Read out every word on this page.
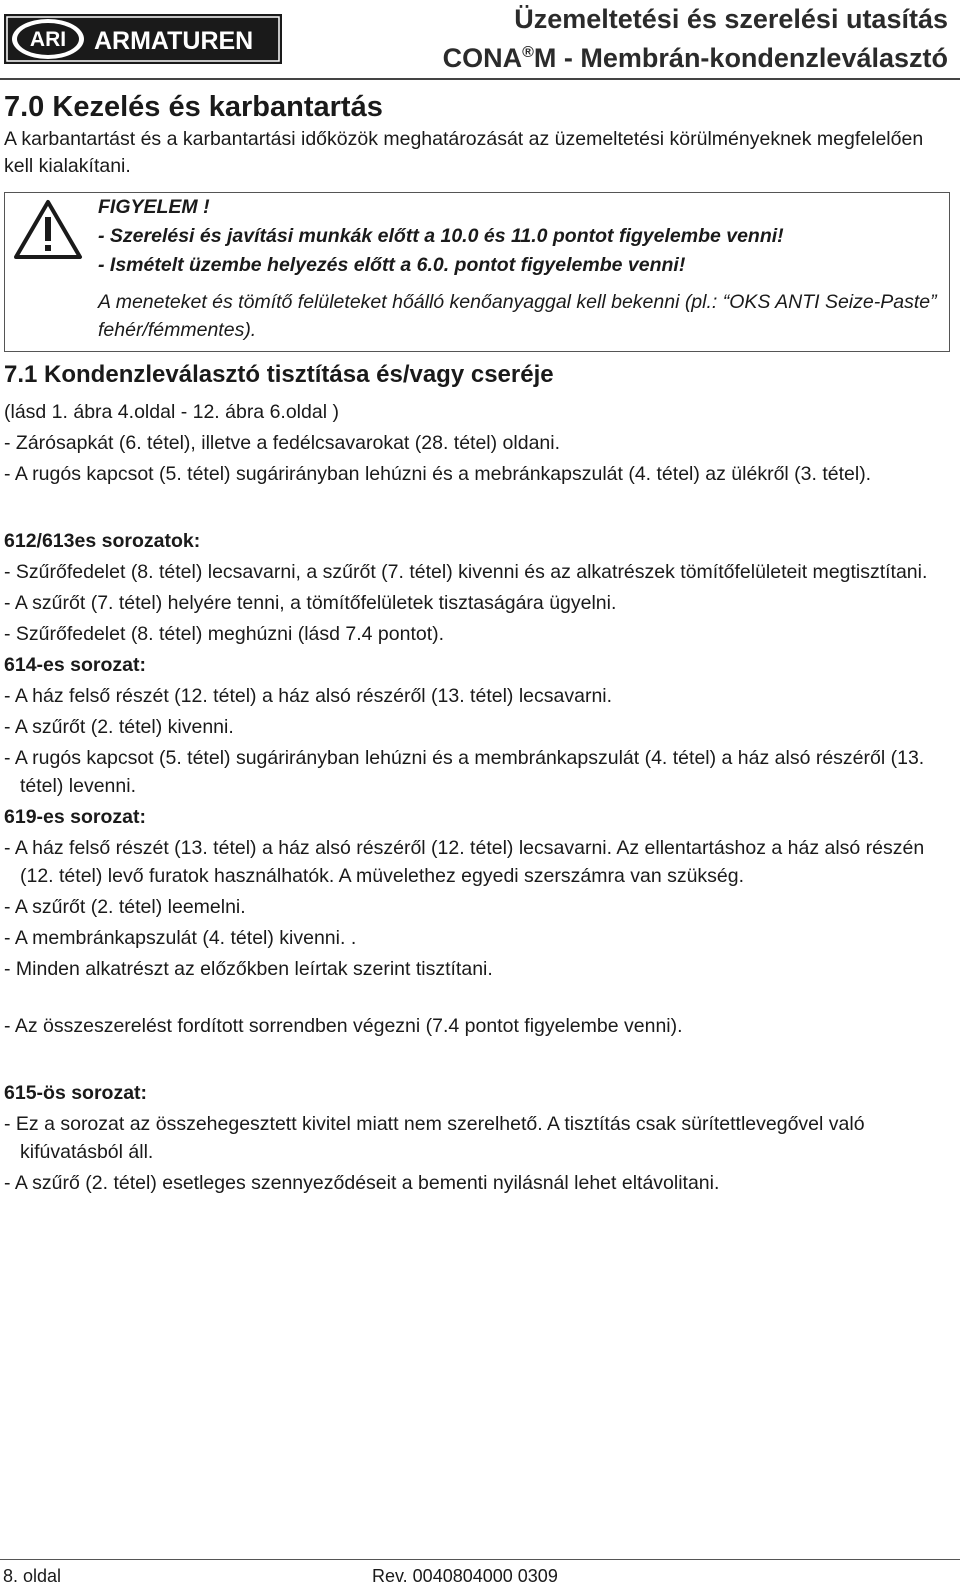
ARI ARMATUREN
Üzemeltetési és szerelési utasítás
CONA®M - Membrán-kondenzleválasztó
7.0 Kezelés és karbantartás

A karbantartást és a karbantartási időközök meghatározását az üzemeltetési körülményeknek megfelelően kell kialakítani.

FIGYELEM !
- Szerelési és javítási munkák előtt a 10.0 és 11.0 pontot figyelembe venni!
- Ismételt üzembe helyezés előtt a 6.0. pontot figyelembe venni!
A meneteket és tömítő felületeket hőálló kenőanyaggal kell bekenni (pl.: “OKS ANTI Seize-Paste” fehér/fémmentes).
7.1 Kondenzleválasztó tisztítása és/vagy cseréje
(lásd 1. ábra 4.oldal - 12. ábra 6.oldal )
- Zárósapkát (6. tétel), illetve a fedélcsavarokat (28. tétel) oldani.
- A rugós kapcsot (5. tétel) sugárirányban lehúzni és a mebránkapszulát (4. tétel) az ülékről (3. tétel).
612/613es sorozatok:
- Szűrőfedelet (8. tétel) lecsavarni, a szűrőt (7. tétel) kivenni és az alkatrészek tömítőfelületeit megtisztítani.
- A szűrőt (7. tétel) helyére tenni, a tömítőfelületek tisztaságára ügyelni.
- Szűrőfedelet (8. tétel) meghúzni (lásd 7.4 pontot).
614-es sorozat:
- A ház felső részét (12. tétel) a ház alsó részéről (13. tétel) lecsavarni.
- A szűrőt (2. tétel) kivenni.
- A rugós kapcsot (5. tétel) sugárirányban lehúzni és a membránkapszulát (4. tétel) a ház alsó részéről (13. tétel) levenni.
619-es sorozat:
- A ház felső részét (13. tétel) a ház alsó részéről (12. tétel) lecsavarni. Az ellentartáshoz a ház alsó részén (12. tétel) levő furatok használhatók. A müvelethez egyedi szerszámra van szükség.
- A szűrőt (2. tétel) leemelni.
- A membránkapszulát (4. tétel) kivenni. .
- Minden alkatrészt az előzőkben leírtak szerint tisztítani.
- Az összeszerelést fordított sorrendben végezni (7.4 pontot figyelembe venni).
615-ös sorozat:
- Ez a sorozat az összehegesztett kivitel miatt nem szerelhető. A tisztítás csak sürítettlevegővel való kifúvatásból áll.
- A szűrő (2. tétel) esetleges szennyeződéseit a bementi nyilásnál lehet eltávolitani.
8. oldal	Rev. 0040804000 0309
